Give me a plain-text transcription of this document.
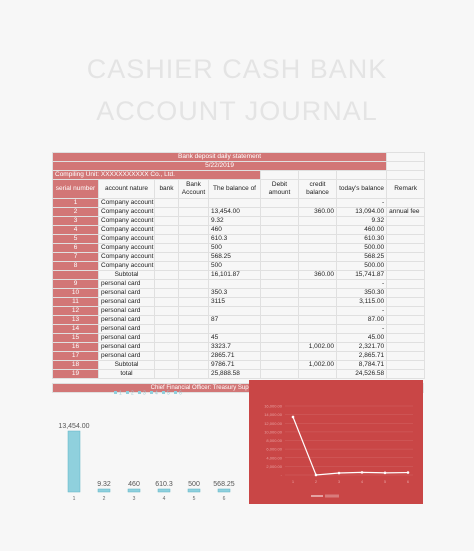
CASHIER CASH BANK
ACCOUNT JOURNAL
Bank deposit daily statement								
5/22/2019								
Compiling Unit: XXXXXXXXXXX Co., Ltd.								
serial number	account nature	bank	Bank Account	The balance of	Debit amount	credit balance	today's balance	Remark
1	Company account						-	
2	Company account			13,454.00		360.00	13,094.00	annual fee
3	Company account			9.32			9.32	
4	Company account			460			460.00	
5	Company account			610.3			610.30	
6	Company account			500			500.00	
7	Company account			568.25			568.25	
8	Company account			500			500.00	
	Subtotal			16,101.87		360.00	15,741.87	
9	personal card						-	
10	personal card			350.3			350.30	
11	personal card			3115			3,115.00	
12	personal card						-	
13	personal card			87			87.00	
14	personal card						-	
15	personal card			45			45.00	
16	personal card			3323.7		1,002.00	2,321.70	
17	personal card			2865.71			2,865.71	
18	Subtotal			9786.71		1,002.00	8,784.71	
19	total			25,888.58			24,526.58	
Chief Financial Officer: Treasury Supervisor: Accountant: Cashier:
1 2 3 4 5 6
13,454.00
1
9.32
2
460
3
610.3
4
500
5
568.25
6
16,000.00
14,000.00
12,000.00
10,000.00
8,000.00
6,000.00
4,000.00
2,000.00
-
1	2	3	4	5	6
